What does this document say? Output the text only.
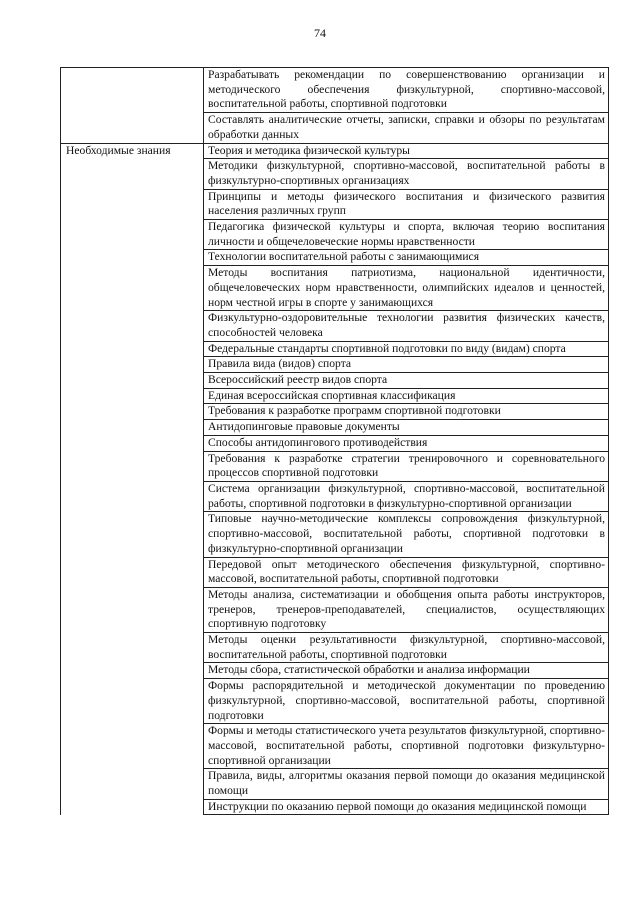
74

	Разрабатывать рекомендации по совершенствованию организации и методического обеспечения физкультурной, спортивно-массовой, воспитательной работы, спортивной подготовки

	Составлять аналитические отчеты, записки, справки и обзоры по результатам обработки данных

Необходимые знания	Теория и методика физической культуры

	Методики физкультурной, спортивно-массовой, воспитательной работы в физкультурно-спортивных организациях

	Принципы и методы физического воспитания и физического развития населения различных групп

	Педагогика физической культуры и спорта, включая теорию воспитания личности и общечеловеческие нормы нравственности

	Технологии воспитательной работы с занимающимися

	Методы воспитания патриотизма, национальной идентичности, общечеловеческих норм нравственности, олимпийских идеалов и ценностей, норм честной игры в спорте у занимающихся

	Физкультурно-оздоровительные технологии развития физических качеств, способностей человека

	Федеральные стандарты спортивной подготовки по виду (видам) спорта

	Правила вида (видов) спорта

	Всероссийский реестр видов спорта

	Единая всероссийская спортивная классификация

	Требования к разработке программ спортивной подготовки

	Антидопинговые правовые документы

	Способы антидопингового противодействия

	Требования к разработке стратегии тренировочного и соревновательного процессов спортивной подготовки

	Система организации физкультурной, спортивно-массовой, воспитательной работы, спортивной подготовки в физкультурно-спортивной организации

	Типовые научно-методические комплексы сопровождения физкультурной, спортивно-массовой, воспитательной работы, спортивной подготовки в физкультурно-спортивной организации

	Передовой опыт методического обеспечения физкультурной, спортивно-массовой, воспитательной работы, спортивной подготовки

	Методы анализа, систематизации и обобщения опыта работы инструкторов, тренеров, тренеров-преподавателей, специалистов, осуществляющих спортивную подготовку

	Методы оценки результативности физкультурной, спортивно-массовой, воспитательной работы, спортивной подготовки

	Методы сбора, статистической обработки и анализа информации

	Формы распорядительной и методической документации по проведению физкультурной, спортивно-массовой, воспитательной работы, спортивной подготовки

	Формы и методы статистического учета результатов физкультурной, спортивно-массовой, воспитательной работы, спортивной подготовки физкультурно-спортивной организации

	Правила, виды, алгоритмы оказания первой помощи до оказания медицинской помощи

	Инструкции по оказанию первой помощи до оказания медицинской помощи
